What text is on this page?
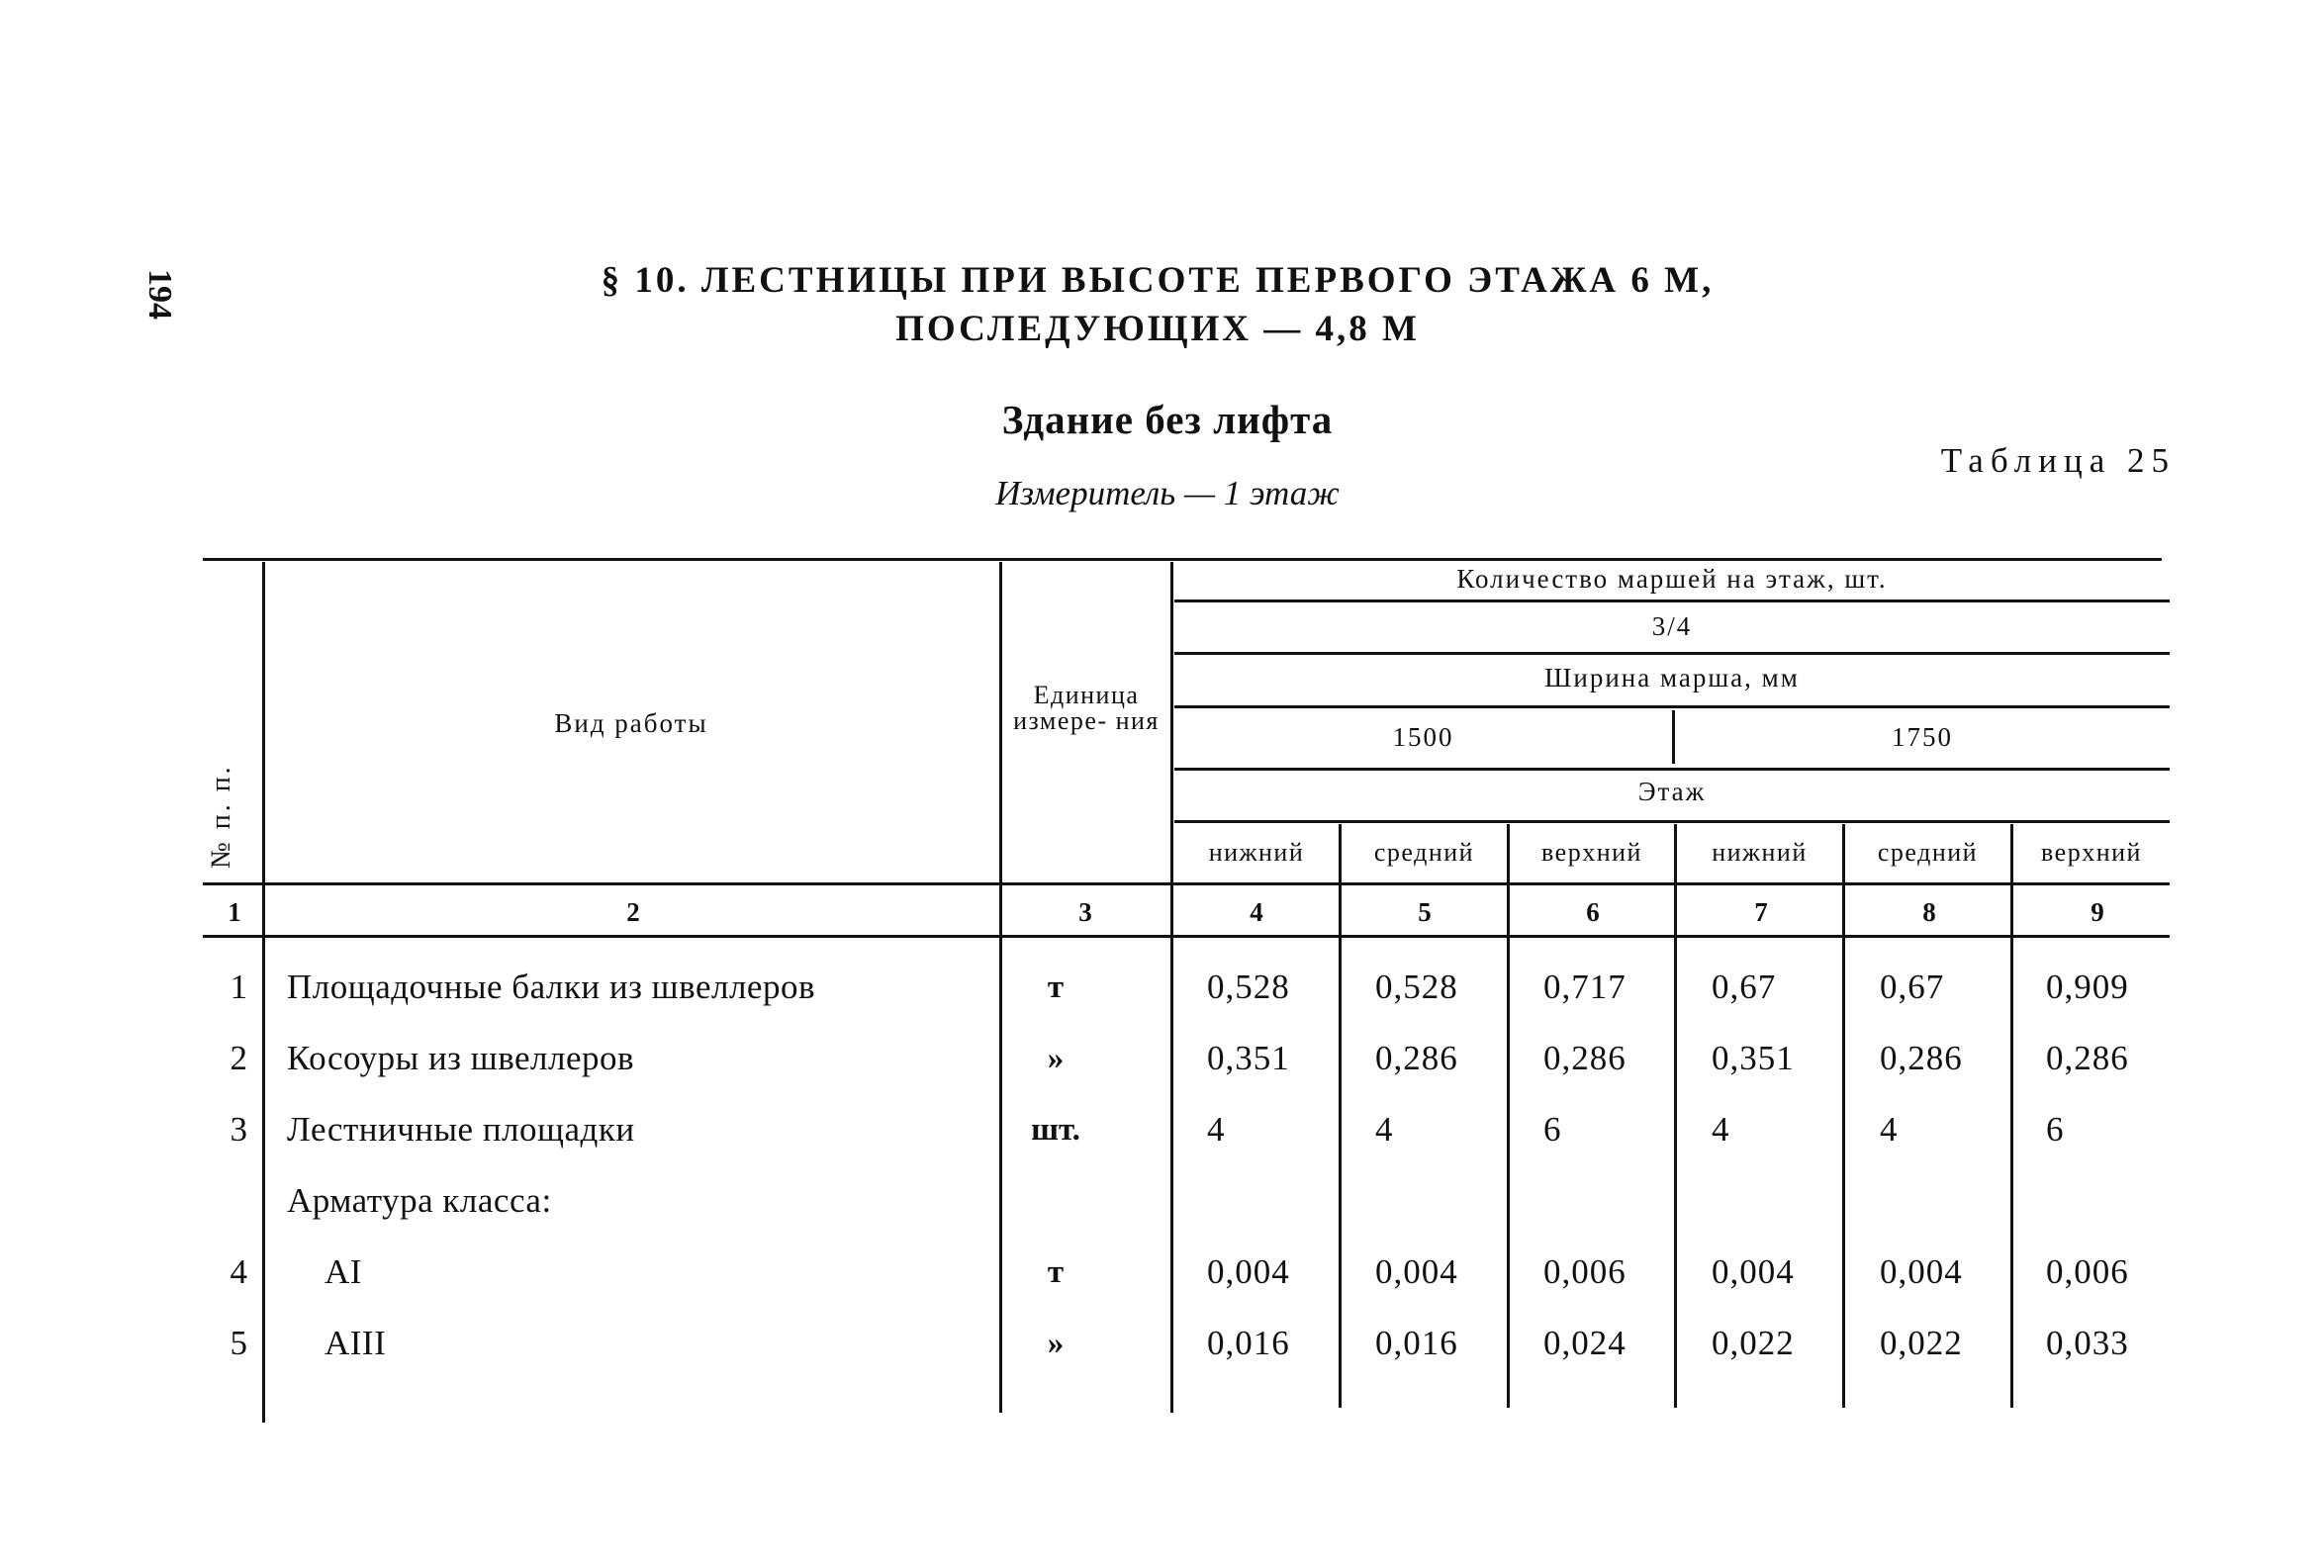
194	§ 10. ЛЕСТНИЦЫ ПРИ ВЫСОТЕ ПЕРВОГО ЭТАЖА 6 М,
ПОСЛЕДУЮЩИХ — 4,8 М
Здание без лифта
Таблица 25
Измеритель — 1 этаж
№ п. п.
Вид работы
Единица измере- ния
Количество маршей на этаж, шт.
3/4
Ширина марша, мм
1500	1750
Этаж
нижний	средний	верхний	нижний	средний	верхний
1	2	3	4	5	6	7	8	9
1 Площадочные балки из швеллеров	т	0,528 0,528 0,717 0,67	0,67	0,909
2 Косоуры из швеллеров	»	0,351 0,286 0,286 0,351 0,286 0,286
3 Лестничные площадки	шт.	4	4	6	4	4	6
Арматура класса:
4 AI	т	0,004 0,004 0,006 0,004 0,004 0,006
5 AIII	»	0,016 0,016 0,024 0,022 0,022 0,033
